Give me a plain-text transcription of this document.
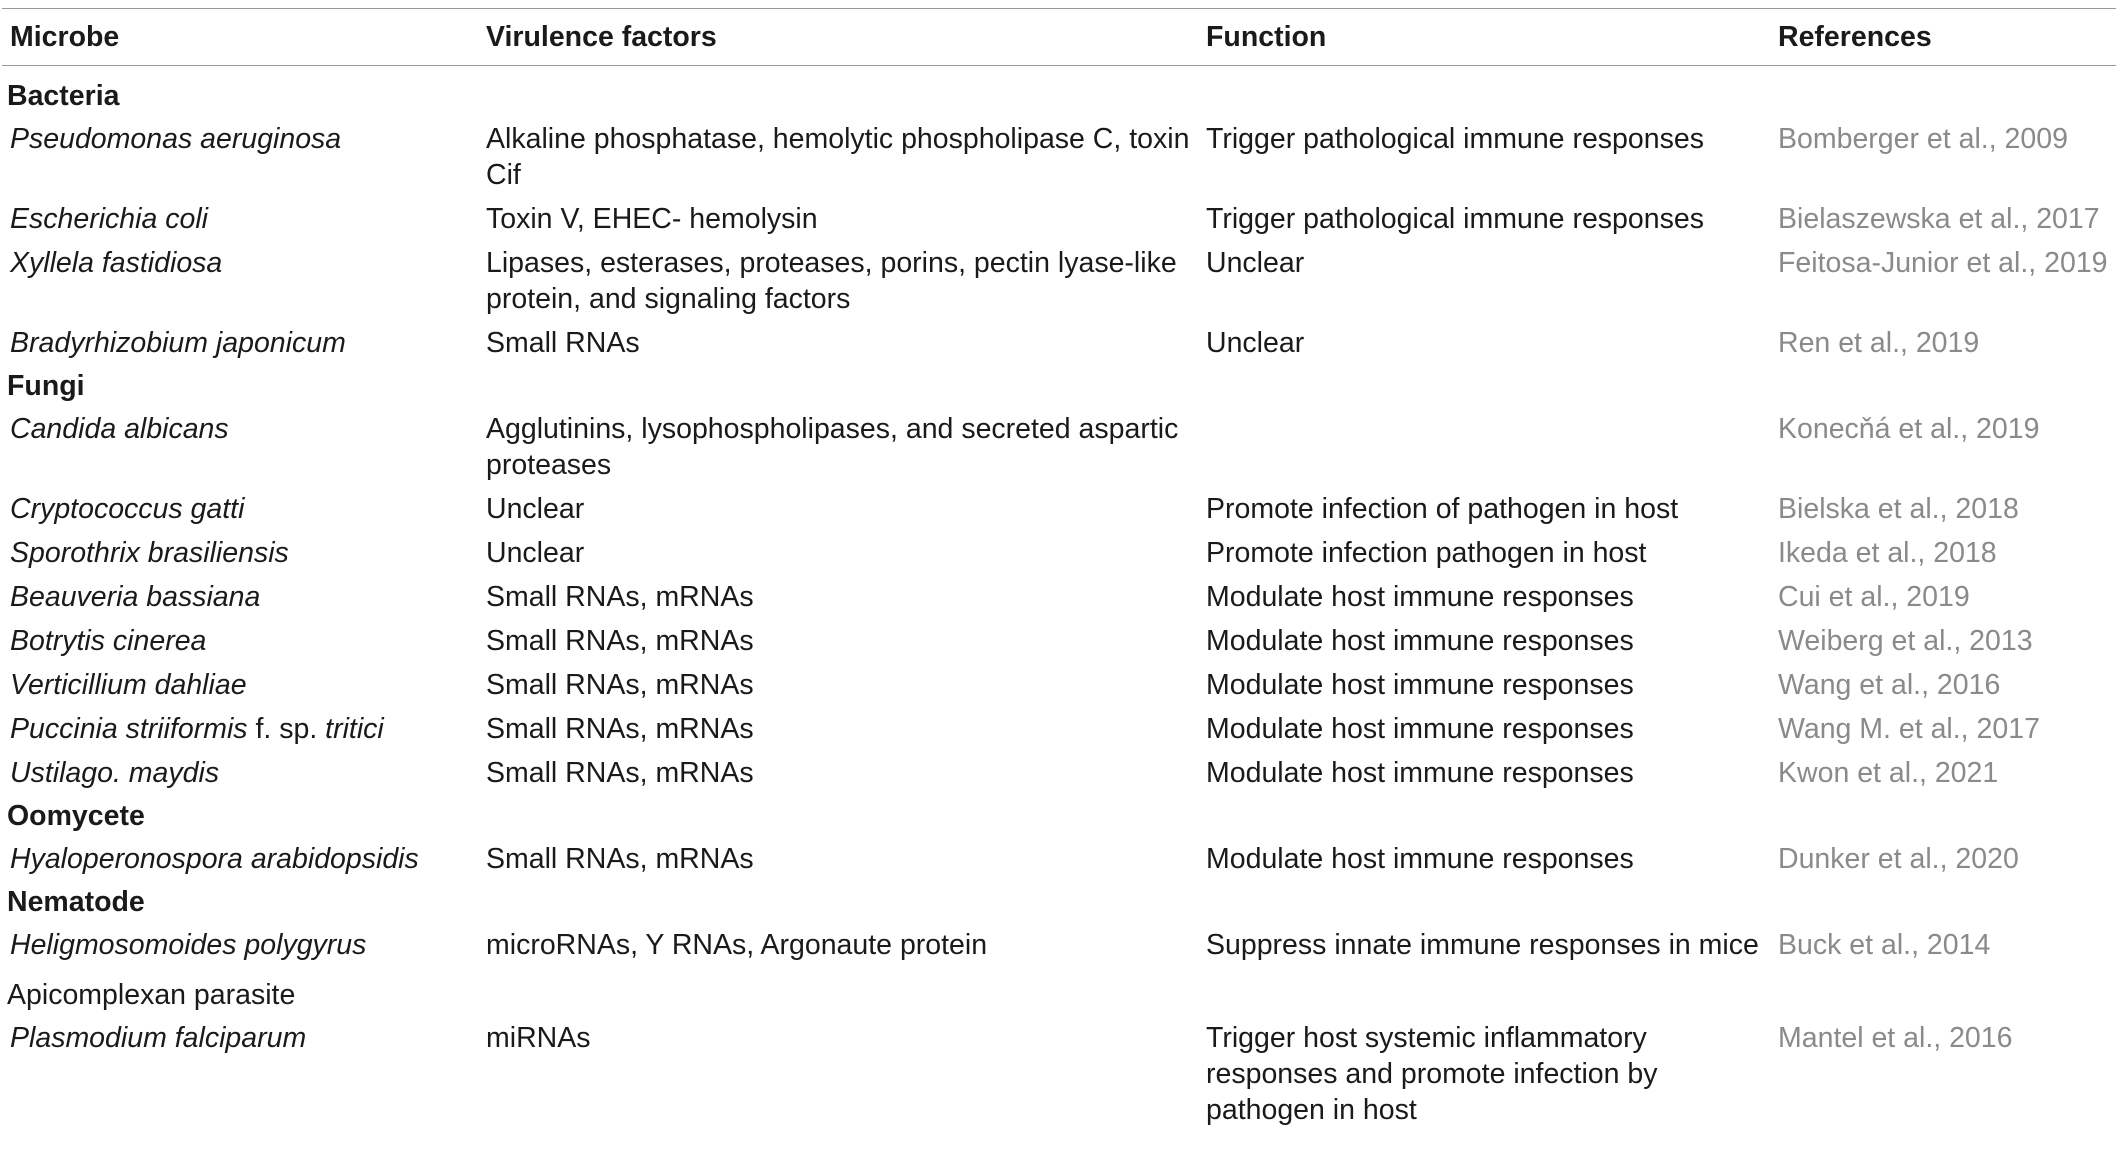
Microbe	Virulence factors	Function	References
Bacteria			
Pseudomonas aeruginosa	Alkaline phosphatase, hemolytic phospholipase C, toxin Cif	Trigger pathological immune responses	Bomberger et al., 2009
Escherichia coli	Toxin V, EHEC- hemolysin	Trigger pathological immune responses	Bielaszewska et al., 2017
Xyllela fastidiosa	Lipases, esterases, proteases, porins, pectin lyase-like protein, and signaling factors	Unclear	Feitosa-Junior et al., 2019
Bradyrhizobium japonicum	Small RNAs	Unclear	Ren et al., 2019
Fungi			
Candida albicans	Agglutinins, lysophospholipases, and secreted aspartic proteases		Konecňá et al., 2019
Cryptococcus gatti	Unclear	Promote infection of pathogen in host	Bielska et al., 2018
Sporothrix brasiliensis	Unclear	Promote infection pathogen in host	Ikeda et al., 2018
Beauveria bassiana	Small RNAs, mRNAs	Modulate host immune responses	Cui et al., 2019
Botrytis cinerea	Small RNAs, mRNAs	Modulate host immune responses	Weiberg et al., 2013
Verticillium dahliae	Small RNAs, mRNAs	Modulate host immune responses	Wang et al., 2016
Puccinia striiformis f. sp. tritici	Small RNAs, mRNAs	Modulate host immune responses	Wang M. et al., 2017
Ustilago. maydis	Small RNAs, mRNAs	Modulate host immune responses	Kwon et al., 2021
Oomycete			
Hyaloperonospora arabidopsidis	Small RNAs, mRNAs	Modulate host immune responses	Dunker et al., 2020
Nematode			
Heligmosomoides polygyrus	microRNAs, Y RNAs, Argonaute protein	Suppress innate immune responses in mice	Buck et al., 2014
Apicomplexan parasite			
Plasmodium falciparum	miRNAs	Trigger host systemic inflammatory responses and promote infection by pathogen in host	Mantel et al., 2016
